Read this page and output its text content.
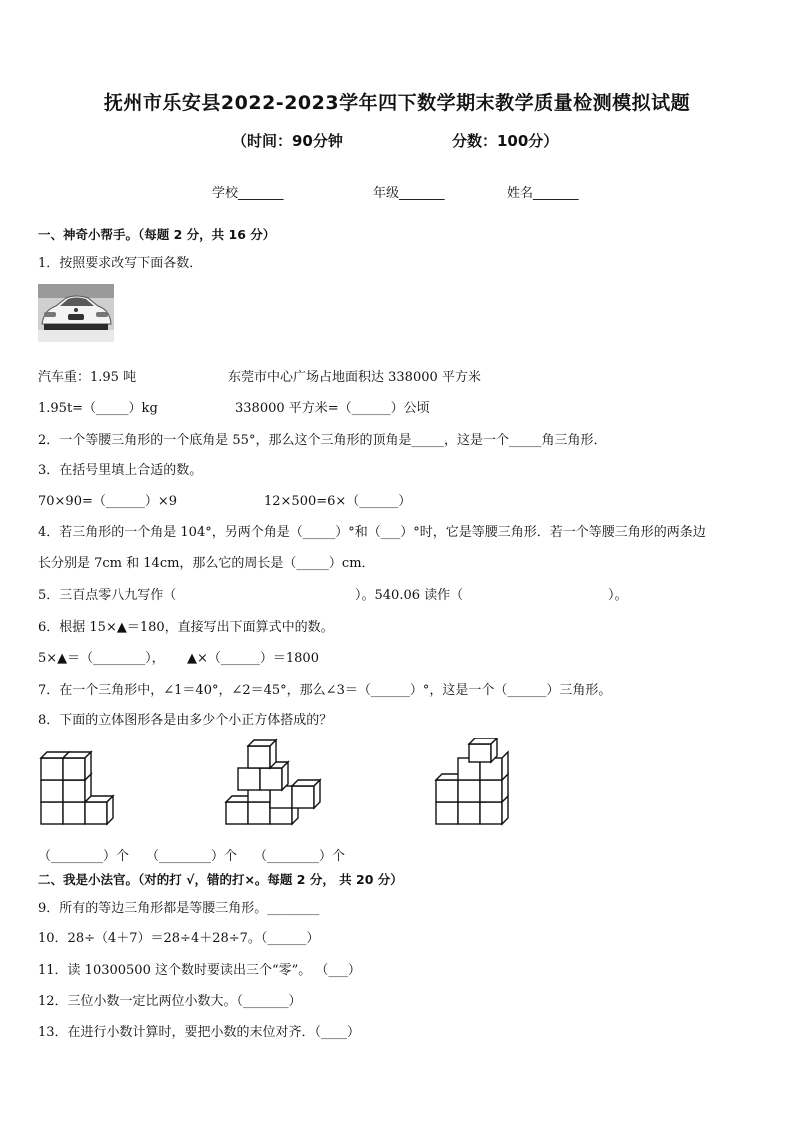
抚州市乐安县2022-2023学年四下数学期末教学质量检测模拟试题
（时间：90分钟	分数：100分）
学校_______	年级_______	姓名_______
一、神奇小帮手。（每题 2 分，共 16 分）
1．按照要求改写下面各数．
汽车重：1.95 吨	东莞市中心广场占地面积达 338000 平方米
1.95t=（_____）kg	338000 平方米=（______）公顷
2．一个等腰三角形的一个底角是 55°，那么这个三角形的顶角是_____，这是一个_____角三角形．
3．在括号里填上合适的数。
70×90=（______）×9	12×500=6×（______）
4．若三角形的一个角是 104°，另两个角是（_____）°和（___）°时，它是等腰三角形．若一个等腰三角形的两条边
长分别是 7cm 和 14cm，那么它的周长是（_____）cm．
5．三百点零八九写作（	）。540.06 读作（	）。
6．根据 15×▲＝180，直接写出下面算式中的数。
5×▲＝（________）， ▲×（______）＝1800
7．在一个三角形中，∠1＝40°，∠2＝45°，那么∠3＝（______）°，这是一个（______）三角形。
8．下面的立体图形各是由多少个小正方体搭成的？
（________）个 （________）个 （________）个
二、我是小法官。（对的打 √，错的打×。每题 2 分， 共 20 分）
9．所有的等边三角形都是等腰三角形。________
10．28÷（4＋7）＝28÷4＋28÷7。（______）
11．读 10300500 这个数时要读出三个“零”。 （___）
12．三位小数一定比两位小数大。（_______）
13．在进行小数计算时，要把小数的末位对齐．（____）
